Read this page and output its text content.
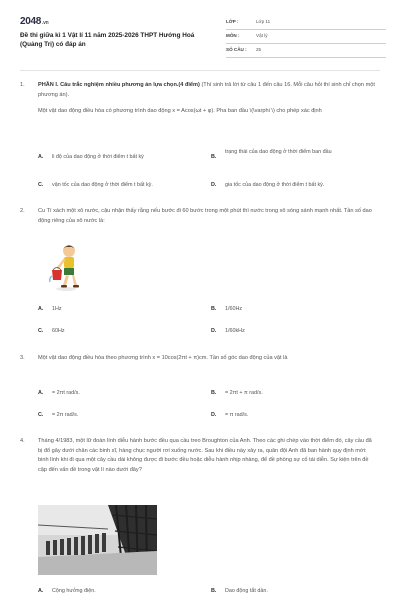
2048.vn
Đề thi giữa kì 1 Vật lí 11 năm 2025-2026 THPT Hướng Hoá (Quảng Trị) có đáp án
LỚP :	Lớp 11
MÔN :	Vật lý
SỐ CÂU : 25
1. PHẦN I. Câu trắc nghiệm nhiều phương án lựa chọn.(4 điểm) (Thí sinh trả lời từ câu 1 đến câu 16. Mỗi câu hỏi thí sinh chỉ chọn một phương án).
Một vật dao động điều hòa có phương trình dao động x = Acos(ωt + φ). Pha ban đầu \(\varphi \) cho phép xác định
A. li độ của dao động ở thời điểm t bất kỳ	B.
trạng thái của dao động ở thời điểm ban đầu
C. vận tốc của dao động ở thời điểm t bất kỳ.	D. gia tốc của dao động ở thời điểm t bất kỳ.
2. Cu Tí xách một xô nước, cậu nhận thấy rằng nếu bước đi 60 bước trong một phút thì nước trong xô sóng sánh mạnh nhất. Tần số dao động riêng của xô nước là:
A. 1Hz	B. 1/60Hz
C. 60Hz	D. 1/60kHz
3. Một vật dao động điều hòa theo phương trình x = 10cos(2πt + π)cm. Tần số góc dao động của vật là
A. = 2πt rad/s.	B. = 2πt + π rad/s.
C. = 2π rad/s.	D. = π rad/s.
4. Tháng 4/1983, một lữ đoàn lính diễu hành bước đều qua cầu treo Broughton của Anh. Theo các ghi chép vào thời điểm đó, cây cầu đã bị đổ gây dưới chân các binh sĩ, hàng chục người rơi xuống nước. Sau khi điều này xảy ra, quân đội Anh đã ban hành quy định mới: binh lính khi đi qua một cây cầu dài không được đi bước đều hoặc diễu hành nhịp nhàng, để đề phòng sự cố tái diễn. Sự kiện trên đề cập đến vấn đề trong vật lí nào dưới đây?
A. Cộng hưởng điện.	B. Dao động tắt dần.
